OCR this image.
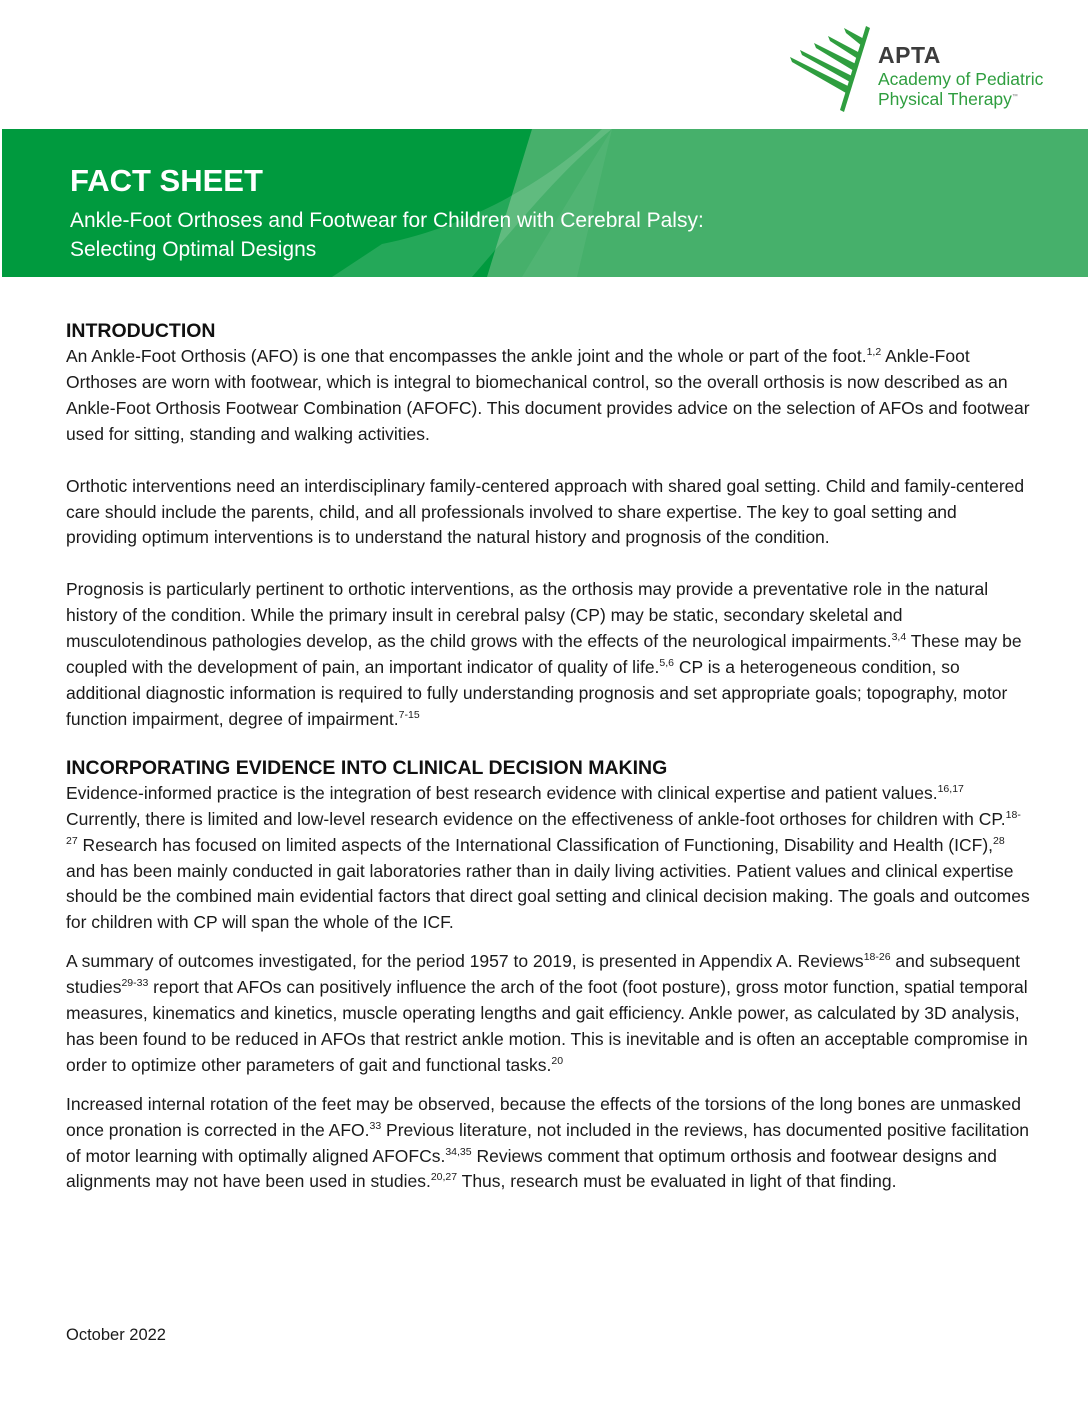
APTA
Academy of Pediatric
Physical Therapy™
FACT SHEET
Ankle-Foot Orthoses and Footwear for Children with Cerebral Palsy:
Selecting Optimal Designs
INTRODUCTION

An Ankle-Foot Orthosis (AFO) is one that encompasses the ankle joint and the whole or part of the foot.$^{1,2}$ Ankle-Foot Orthoses are worn with footwear, which is integral to biomechanical control, so the overall orthosis is now described as an Ankle-Foot Orthosis Footwear Combination (AFOFC). This document provides advice on the selection of AFOs and footwear used for sitting, standing and walking activities.

Orthotic interventions need an interdisciplinary family-centered approach with shared goal setting. Child and family-centered care should include the parents, child, and all professionals involved to share expertise. The key to goal setting and providing optimum interventions is to understand the natural history and prognosis of the condition.

Prognosis is particularly pertinent to orthotic interventions, as the orthosis may provide a preventative role in the natural history of the condition. While the primary insult in cerebral palsy (CP) may be static, secondary skeletal and musculotendinous pathologies develop, as the child grows with the effects of the neurological impairments.$^{3,4}$ These may be coupled with the development of pain, an important indicator of quality of life.$^{5,6}$ CP is a heterogeneous condition, so additional diagnostic information is required to fully understanding prognosis and set appropriate goals; topography, motor function impairment, degree of impairment.$^{7-15}$

INCORPORATING EVIDENCE INTO CLINICAL DECISION MAKING

Evidence-informed practice is the integration of best research evidence with clinical expertise and patient values.$^{16,17}$ Currently, there is limited and low-level research evidence on the effectiveness of ankle-foot orthoses for children with CP.$^{18-27}$ Research has focused on limited aspects of the International Classification of Functioning, Disability and Health (ICF),$^{28}$ and has been mainly conducted in gait laboratories rather than in daily living activities. Patient values and clinical expertise should be the combined main evidential factors that direct goal setting and clinical decision making. The goals and outcomes for children with CP will span the whole of the ICF.

A summary of outcomes investigated, for the period 1957 to 2019, is presented in Appendix A. Reviews$^{18-26}$ and subsequent studies$^{29-33}$ report that AFOs can positively influence the arch of the foot (foot posture), gross motor function, spatial temporal measures, kinematics and kinetics, muscle operating lengths and gait efficiency. Ankle power, as calculated by 3D analysis, has been found to be reduced in AFOs that restrict ankle motion. This is inevitable and is often an acceptable compromise in order to optimize other parameters of gait and functional tasks.$^{20}$

Increased internal rotation of the feet may be observed, because the effects of the torsions of the long bones are unmasked once pronation is corrected in the AFO.$^{33}$ Previous literature, not included in the reviews, has documented positive facilitation of motor learning with optimally aligned AFOFCs.$^{34,35}$ Reviews comment that optimum orthosis and footwear designs and alignments may not have been used in studies.$^{20,27}$ Thus, research must be evaluated in light of that finding.

October 2022
